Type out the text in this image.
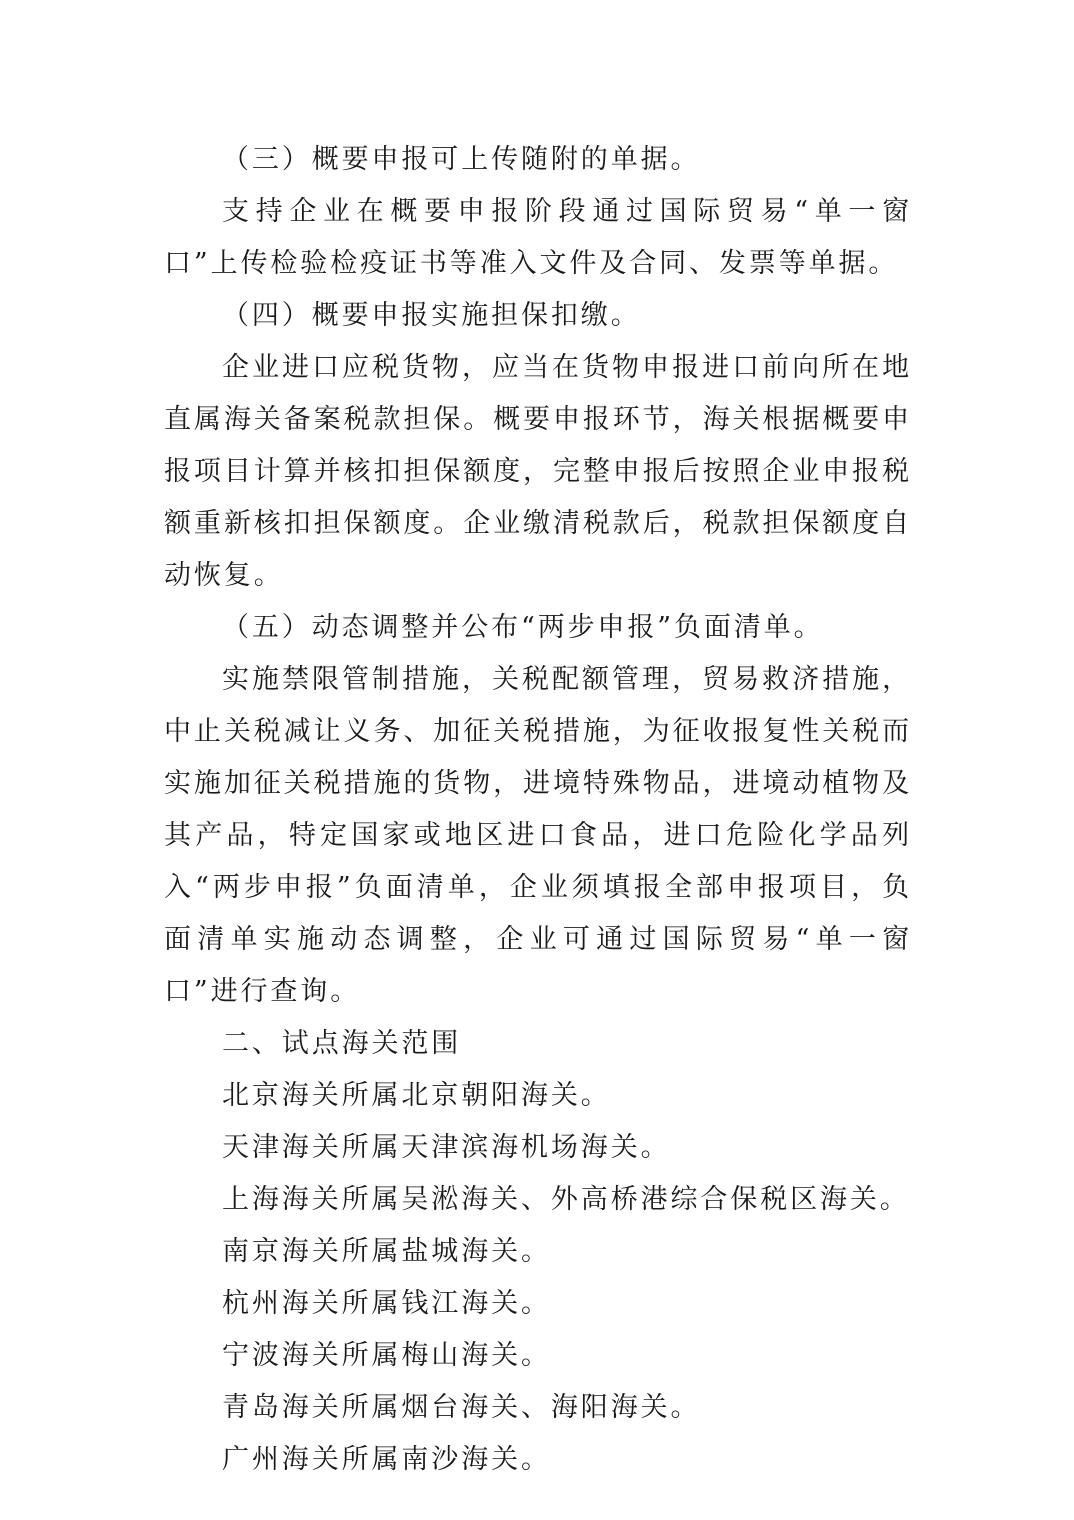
（三）概要申报可上传随附的单据。

支持企业在概要申报阶段通过国际贸易“单一窗口”上传检验检疫证书等准入文件及合同、发票等单据。

（四）概要申报实施担保扣缴。

企业进口应税货物，应当在货物申报进口前向所在地直属海关备案税款担保。概要申报环节，海关根据概要申报项目计算并核扣担保额度，完整申报后按照企业申报税额重新核扣担保额度。企业缴清税款后，税款担保额度自动恢复。

（五）动态调整并公布“两步申报”负面清单。

实施禁限管制措施，关税配额管理，贸易救济措施，中止关税减让义务、加征关税措施，为征收报复性关税而实施加征关税措施的货物，进境特殊物品，进境动植物及其产品，特定国家或地区进口食品，进口危险化学品列入“两步申报”负面清单，企业须填报全部申报项目，负面清单实施动态调整，企业可通过国际贸易“单一窗口”进行查询。

二、试点海关范围

北京海关所属北京朝阳海关。

天津海关所属天津滨海机场海关。

上海海关所属吴淞海关、外高桥港综合保税区海关。

南京海关所属盐城海关。

杭州海关所属钱江海关。

宁波海关所属梅山海关。

青岛海关所属烟台海关、海阳海关。

广州海关所属南沙海关。
